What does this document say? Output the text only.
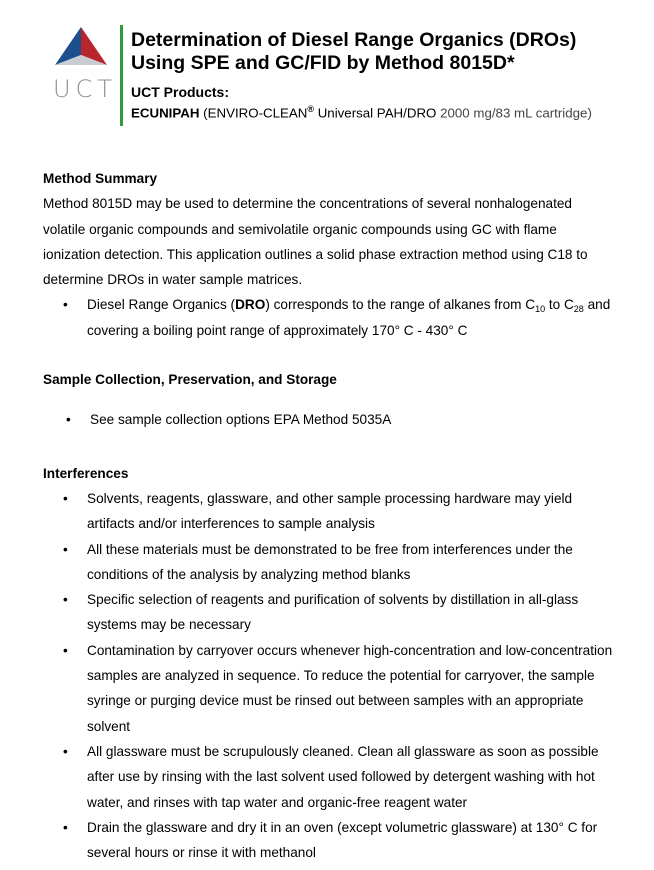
UCT
Determination of Diesel Range Organics (DROs)
Using SPE and GC/FID by Method 8015D*
UCT Products:
ECUNIPAH (ENVIRO-CLEAN® Universal PAH/DRO 2000 mg/83 mL cartridge)
Method Summary

Method 8015D may be used to determine the concentrations of several nonhalogenated volatile organic compounds and semivolatile organic compounds using GC with flame ionization detection. This application outlines a solid phase extraction method using C18 to determine DROs in water sample matrices.

• Diesel Range Organics (DRO) corresponds to the range of alkanes from $C_{10}$ to $C_{28}$ and covering a boiling point range of approximately 170° C - 430° C
Sample Collection, Preservation, and Storage
• See sample collection options EPA Method 5035A
Interferences
• Solvents, reagents, glassware, and other sample processing hardware may yield artifacts and/or interferences to sample analysis
• All these materials must be demonstrated to be free from interferences under the conditions of the analysis by analyzing method blanks
• Specific selection of reagents and purification of solvents by distillation in all-glass systems may be necessary
• Contamination by carryover occurs whenever high-concentration and low-concentration samples are analyzed in sequence. To reduce the potential for carryover, the sample syringe or purging device must be rinsed out between samples with an appropriate solvent
• All glassware must be scrupulously cleaned. Clean all glassware as soon as possible after use by rinsing with the last solvent used followed by detergent washing with hot water, and rinses with tap water and organic-free reagent water
• Drain the glassware and dry it in an oven (except volumetric glassware) at 130° C for several hours or rinse it with methanol
